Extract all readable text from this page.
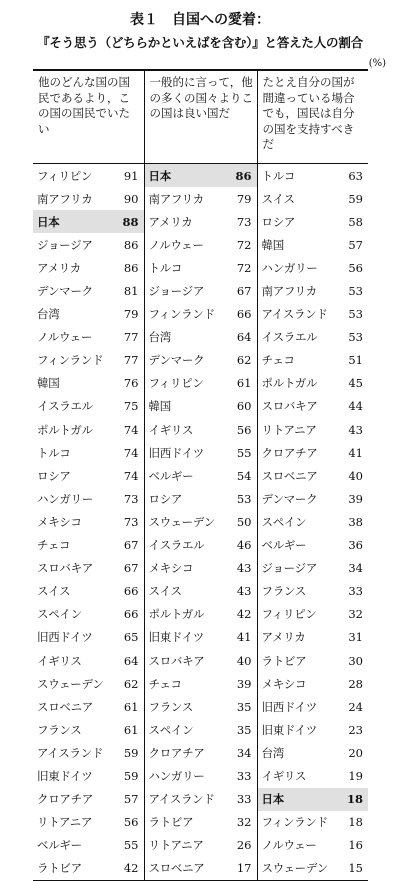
表１　自国への愛着：
『そう思う（どちらかといえばを含む）』と答えた人の割合
(%)
他のどんな国の国民であるより，この国の国民でいたい		一般的に言って，他の多くの国々よりこの国は良い国だ		たとえ自分の国が間違っている場合でも，国民は自分の国を支持すべきだ	
フィリピン	91	日本	86	トルコ	63
南アフリカ	90	南アフリカ	79	スイス	59
日本	88	アメリカ	73	ロシア	58
ジョージア	86	ノルウェー	72	韓国	57
アメリカ	86	トルコ	72	ハンガリー	56
デンマーク	81	ジョージア	67	南アフリカ	53
台湾	79	フィンランド	66	アイスランド	53
ノルウェー	77	台湾	64	イスラエル	53
フィンランド	77	デンマーク	62	チェコ	51
韓国	76	フィリピン	61	ポルトガル	45
イスラエル	75	韓国	60	スロバキア	44
ポルトガル	74	イギリス	56	リトアニア	43
トルコ	74	旧西ドイツ	55	クロアチア	41
ロシア	74	ベルギー	54	スロベニア	40
ハンガリー	73	ロシア	53	デンマーク	39
メキシコ	73	スウェーデン	50	スペイン	38
チェコ	67	イスラエル	46	ベルギー	36
スロバキア	67	メキシコ	43	ジョージア	34
スイス	66	スイス	43	フランス	33
スペイン	66	ポルトガル	42	フィリピン	32
旧西ドイツ	65	旧東ドイツ	41	アメリカ	31
イギリス	64	スロバキア	40	ラトビア	30
スウェーデン	62	チェコ	39	メキシコ	28
スロベニア	61	フランス	35	旧西ドイツ	24
フランス	61	スペイン	35	旧東ドイツ	23
アイスランド	59	クロアチア	34	台湾	20
旧東ドイツ	59	ハンガリー	33	イギリス	19
クロアチア	57	アイスランド	33	日本	18
リトアニア	56	ラトビア	32	フィンランド	18
ベルギー	55	リトアニア	26	ノルウェー	16
ラトビア	42	スロベニア	17	スウェーデン	15
